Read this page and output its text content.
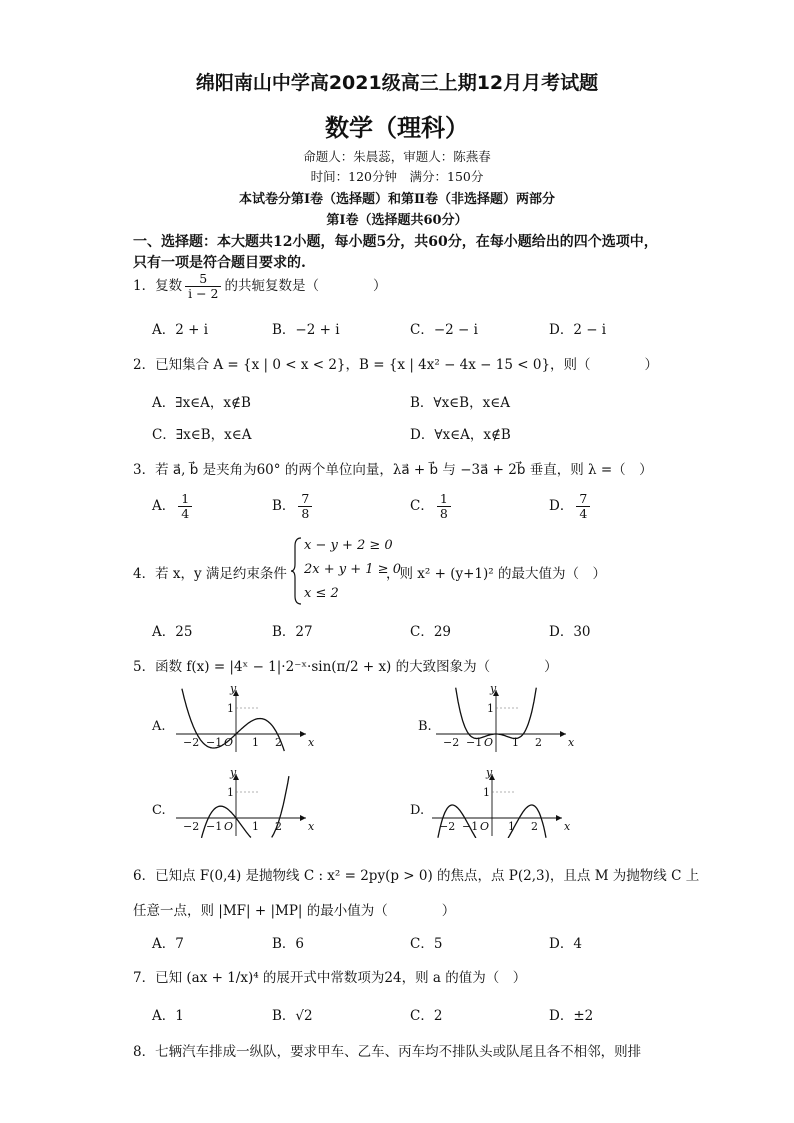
绵阳南山中学高2021级高三上期12月月考试题
数学（理科）
命题人：朱晨蕊，审题人：陈燕春
时间：120分钟　满分：150分
本试卷分第Ⅰ卷（选择题）和第Ⅱ卷（非选择题）两部分
第Ⅰ卷（选择题共60分）
一、选择题：本大题共12小题，每小题5分，共60分，在每小题给出的四个选项中，
只有一项是符合题目要求的.
1．复数 $\frac{5}{i - 2}$ 的共轭复数是（　　　　）
A．2 + i	B．−2 + i	C．−2 − i	D．2 − i
2．已知集合 A = {x | 0 < x < 2}，B = {x | 4x² − 4x − 15 < 0}，则（　　　　）
A．∃x∈A，x∉B	B．∀x∈B，x∈A
C．∃x∈B，x∈A	D．∀x∈A，x∉B
3．若 a⃗, b⃗ 是夹角为60° 的两个单位向量，λa⃗ + b⃗ 与 −3a⃗ + 2b⃗ 垂直，则 λ =（　）
A． $\frac{1}{4}$	B． $\frac{7}{8}$	C． $\frac{1}{8}$	D． $\frac{7}{4}$
4．若 x，y 满足约束条件
x − y + 2 ≥ 0
2x + y + 1 ≥ 0
x ≤ 2
，则 x² + (y+1)² 的最大值为（　）
A．25	B．27	C．29	D．30
5．函数 f(x) = |4ˣ − 1|·2⁻ˣ·sin(π/2 + x) 的大致图象为（　　　　）
A.	B.
C.	D.
y
x
O
1
−2 −1	1 2
y
x
O
1
−2 −1	1 2
y
x
O
1
−2 −1	1 2
y
x
O
1
−2 −1	1 2
6．已知点 F(0,4) 是抛物线 C : x² = 2py(p > 0) 的焦点，点 P(2,3)，且点 M 为抛物线 C 上
任意一点，则 |MF| + |MP| 的最小值为（　　　　）
A．7	B．6	C．5	D．4
7．已知 (ax + 1/x)⁴ 的展开式中常数项为24，则 a 的值为（　）
A．1	B．√2	C．2	D．±2
8．七辆汽车排成一纵队，要求甲车、乙车、丙车均不排队头或队尾且各不相邻，则排
